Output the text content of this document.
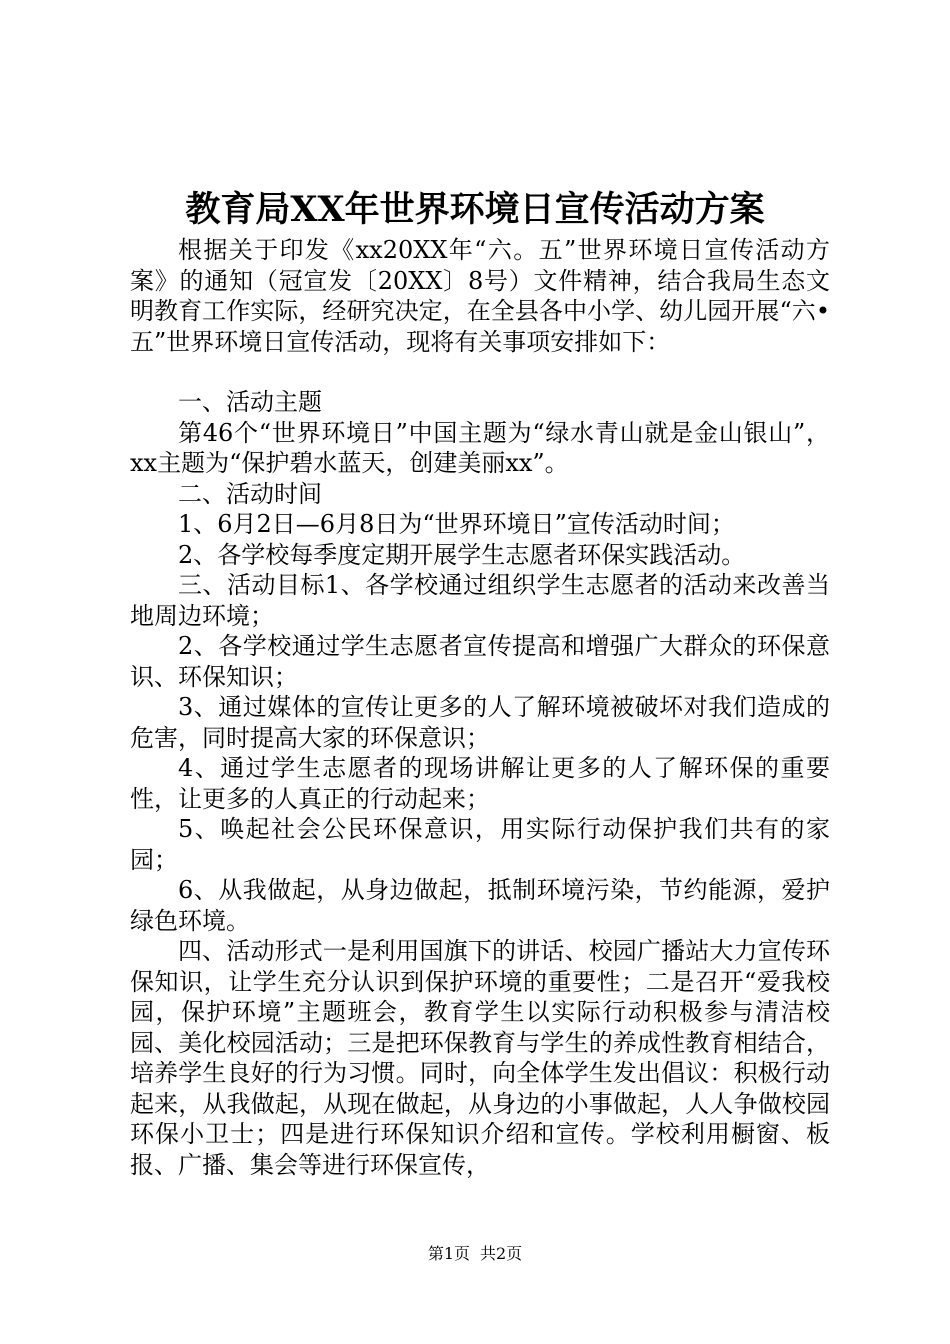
教育局XX年世界环境日宣传活动方案

根据关于印发《xx20XX年“六。五”世界环境日宣传活动方案》的通知（冠宣发〔20XX〕8号）文件精神，结合我局生态文明教育工作实际，经研究决定，在全县各中小学、幼儿园开展“六•五”世界环境日宣传活动，现将有关事项安排如下：

一、活动主题

第46个“世界环境日”中国主题为“绿水青山就是金山银山”，xx主题为“保护碧水蓝天，创建美丽xx”。

二、活动时间

1、6月2日—6月8日为“世界环境日”宣传活动时间；

2、各学校每季度定期开展学生志愿者环保实践活动。

三、活动目标1、各学校通过组织学生志愿者的活动来改善当地周边环境；

2、各学校通过学生志愿者宣传提高和增强广大群众的环保意识、环保知识；

3、通过媒体的宣传让更多的人了解环境被破坏对我们造成的危害，同时提高大家的环保意识；

4、通过学生志愿者的现场讲解让更多的人了解环保的重要性，让更多的人真正的行动起来；

5、唤起社会公民环保意识，用实际行动保护我们共有的家园；

6、从我做起，从身边做起，抵制环境污染，节约能源，爱护绿色环境。

四、活动形式一是利用国旗下的讲话、校园广播站大力宣传环保知识，让学生充分认识到保护环境的重要性；二是召开“爱我校园，保护环境”主题班会，教育学生以实际行动积极参与清洁校园、美化校园活动；三是把环保教育与学生的养成性教育相结合，培养学生良好的行为习惯。同时，向全体学生发出倡议：积极行动起来，从我做起，从现在做起，从身边的小事做起，人人争做校园环保小卫士；四是进行环保知识介绍和宣传。学校利用橱窗、板报、广播、集会等进行环保宣传，

第1页 共2页
